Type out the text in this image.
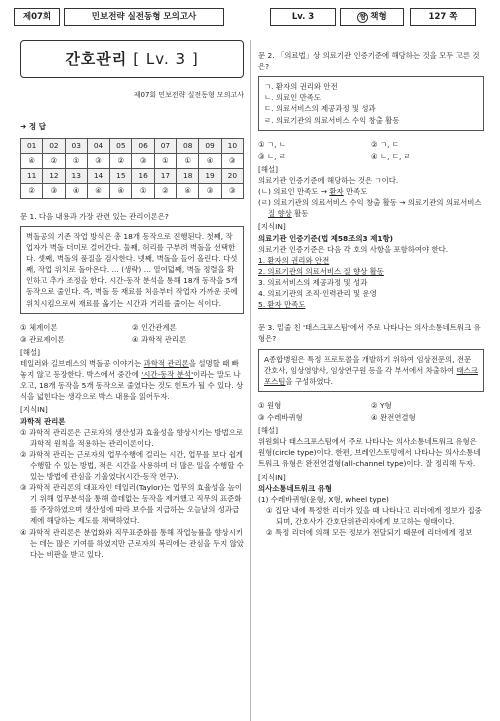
제07회	민보전략 실전동형 모의고사	Lv. 3	짱 책형	127 쪽
간호관리 [ Lv. 3 ]
제07회 민보전략 실전동형 모의고사
➜ 정 답
01	02	03	04	05	06	07	08	09	10
④	②	①	③	②	③	①	①	④	③
11	12	13	14	15	16	17	18	19	20
②	③	④	④	④	①	②	④	③	③
문 1. 다음 내용과 가장 관련 있는 관리이론은?
벽돌공의 기존 작업 방식은 총 18개 동작으로 진행된다. 첫째, 작업자가 벽돌 더미로 걸어간다. 둘째, 허리를 구부려 벽돌을 선택한다. 셋째, 벽돌의 품질을 검사한다. 넷째, 벽돌을 들어 올린다. 다섯째, 작업 위치로 돌아온다. … (생략) … 열여덟째, 벽돌 정렬을 확인하고 추가 조정을 한다. 시간-동작 분석을 통해 18개 동작을 5개 동작으로 줄인다. 즉, 벽돌 등 재료를 처음부터 작업자 가까운 곳에 위치시킴으로써 재료를 옮기는 시간과 거리를 줄이는 식이다.
① 체계이론	② 인간관계론
③ 관료제이론	④ 과학적 관리론
[해설]
테일러와 길브레스의 벽돌공 이야기는 과학적 관리론을 설명할 때 빠놓지 않고 등장한다. 박스에서 중간에 '시간-동작 분석'이라는 말도 나오고, 18개 동작을 5개 동작으로 줄였다는 것도 힌트가 될 수 있다. 상식을 넓힌다는 생각으로 박스 내용을 읽어두자.
[지식IN]
과학적 관리론
① 과학적 관리론은 근로자의 생산성과 효율성을 향상시키는 방법으로 과학적 원칙을 적용하는 관리이론이다.
② 과학적 관리는 근로자의 업무수행에 걸리는 시간, 업무를 보다 쉽게 수행할 수 있는 방법, 적은 시간을 사용하며 더 많은 일을 수행할 수 있는 방법에 관심을 기울였다(시간-동작 연구).
③ 과학적 관리론의 대표자인 테일러(Taylor)는 업무의 효율성을 높이기 위해 업무분석을 통해 쓸데없는 동작을 제거했고 직무의 표준화를 주장하였으며 생산성에 따라 보수를 지급하는 오늘날의 성과급제에 해당하는 제도를 채택하였다.
④ 과학적 관리론은 분업화와 직무표준화를 통해 작업능률을 향상시키는 데는 많은 기여를 하였지만 근로자의 복리에는 관심을 두지 않았다는 비판을 받고 있다.
문 2. 「의료법」상 의료기관 인증기준에 해당하는 것을 모두 고른 것은?
ㄱ. 환자의 권리와 안전
ㄴ. 의료인 만족도
ㄷ. 의료서비스의 제공과정 및 성과
ㄹ. 의료기관의 의료서비스 수익 창출 활동
① ㄱ, ㄴ	② ㄱ, ㄷ
③ ㄴ, ㄹ	④ ㄴ, ㄷ, ㄹ
[해설]
의료기관 인증기준에 해당하는 것은 ㄱ이다.
(ㄴ) 의료인 만족도 → 환자 만족도
(ㄹ) 의료기관의 의료서비스 수익 창출 활동 → 의료기관의 의료서비스 질 향상 활동
[지식IN]
의료기관 인증기준(법 제58조의3 제1항)
의료기관 인증기준은 다음 각 호의 사항을 포함하여야 한다.
1. 환자의 권리와 안전
2. 의료기관의 의료서비스 질 향상 활동
3. 의료서비스의 제공과정 및 성과
4. 의료기관의 조직·인력관리 및 운영
5. 환자 만족도
문 3. 밑줄 친 '태스크포스팀'에서 주로 나타나는 의사소통네트워크 유형은?
A종합병원은 특정 프로토콜을 개발하기 위하여 임상전문의, 전문간호사, 임상영양사, 임상연구원 등을 각 부서에서 차출하여 태스크포스팀을 구성하였다.
① 원형	② Y형
③ 수레바퀴형	④ 완전연결형
[해설]
위원회나 태스크포스팀에서 주로 나타나는 의사소통네트워크 유형은 원형(circle type)이다. 한편, 브레인스토밍에서 나타나는 의사소통네트워크 유형은 완전연결형(all-channel type)이다. 잘 정리해 두자.
[지식IN]
의사소통네트워크 유형
(1) 수레바퀴형(윤형, X형, wheel type)
① 집단 내에 특정한 리더가 있을 때 나타나고 리더에게 정보가 집중되며, 간호사가 간호단위관리자에게 보고하는 형태이다.
② 특정 리더에 의해 모든 정보가 전달되기 때문에 리더에게 정보
